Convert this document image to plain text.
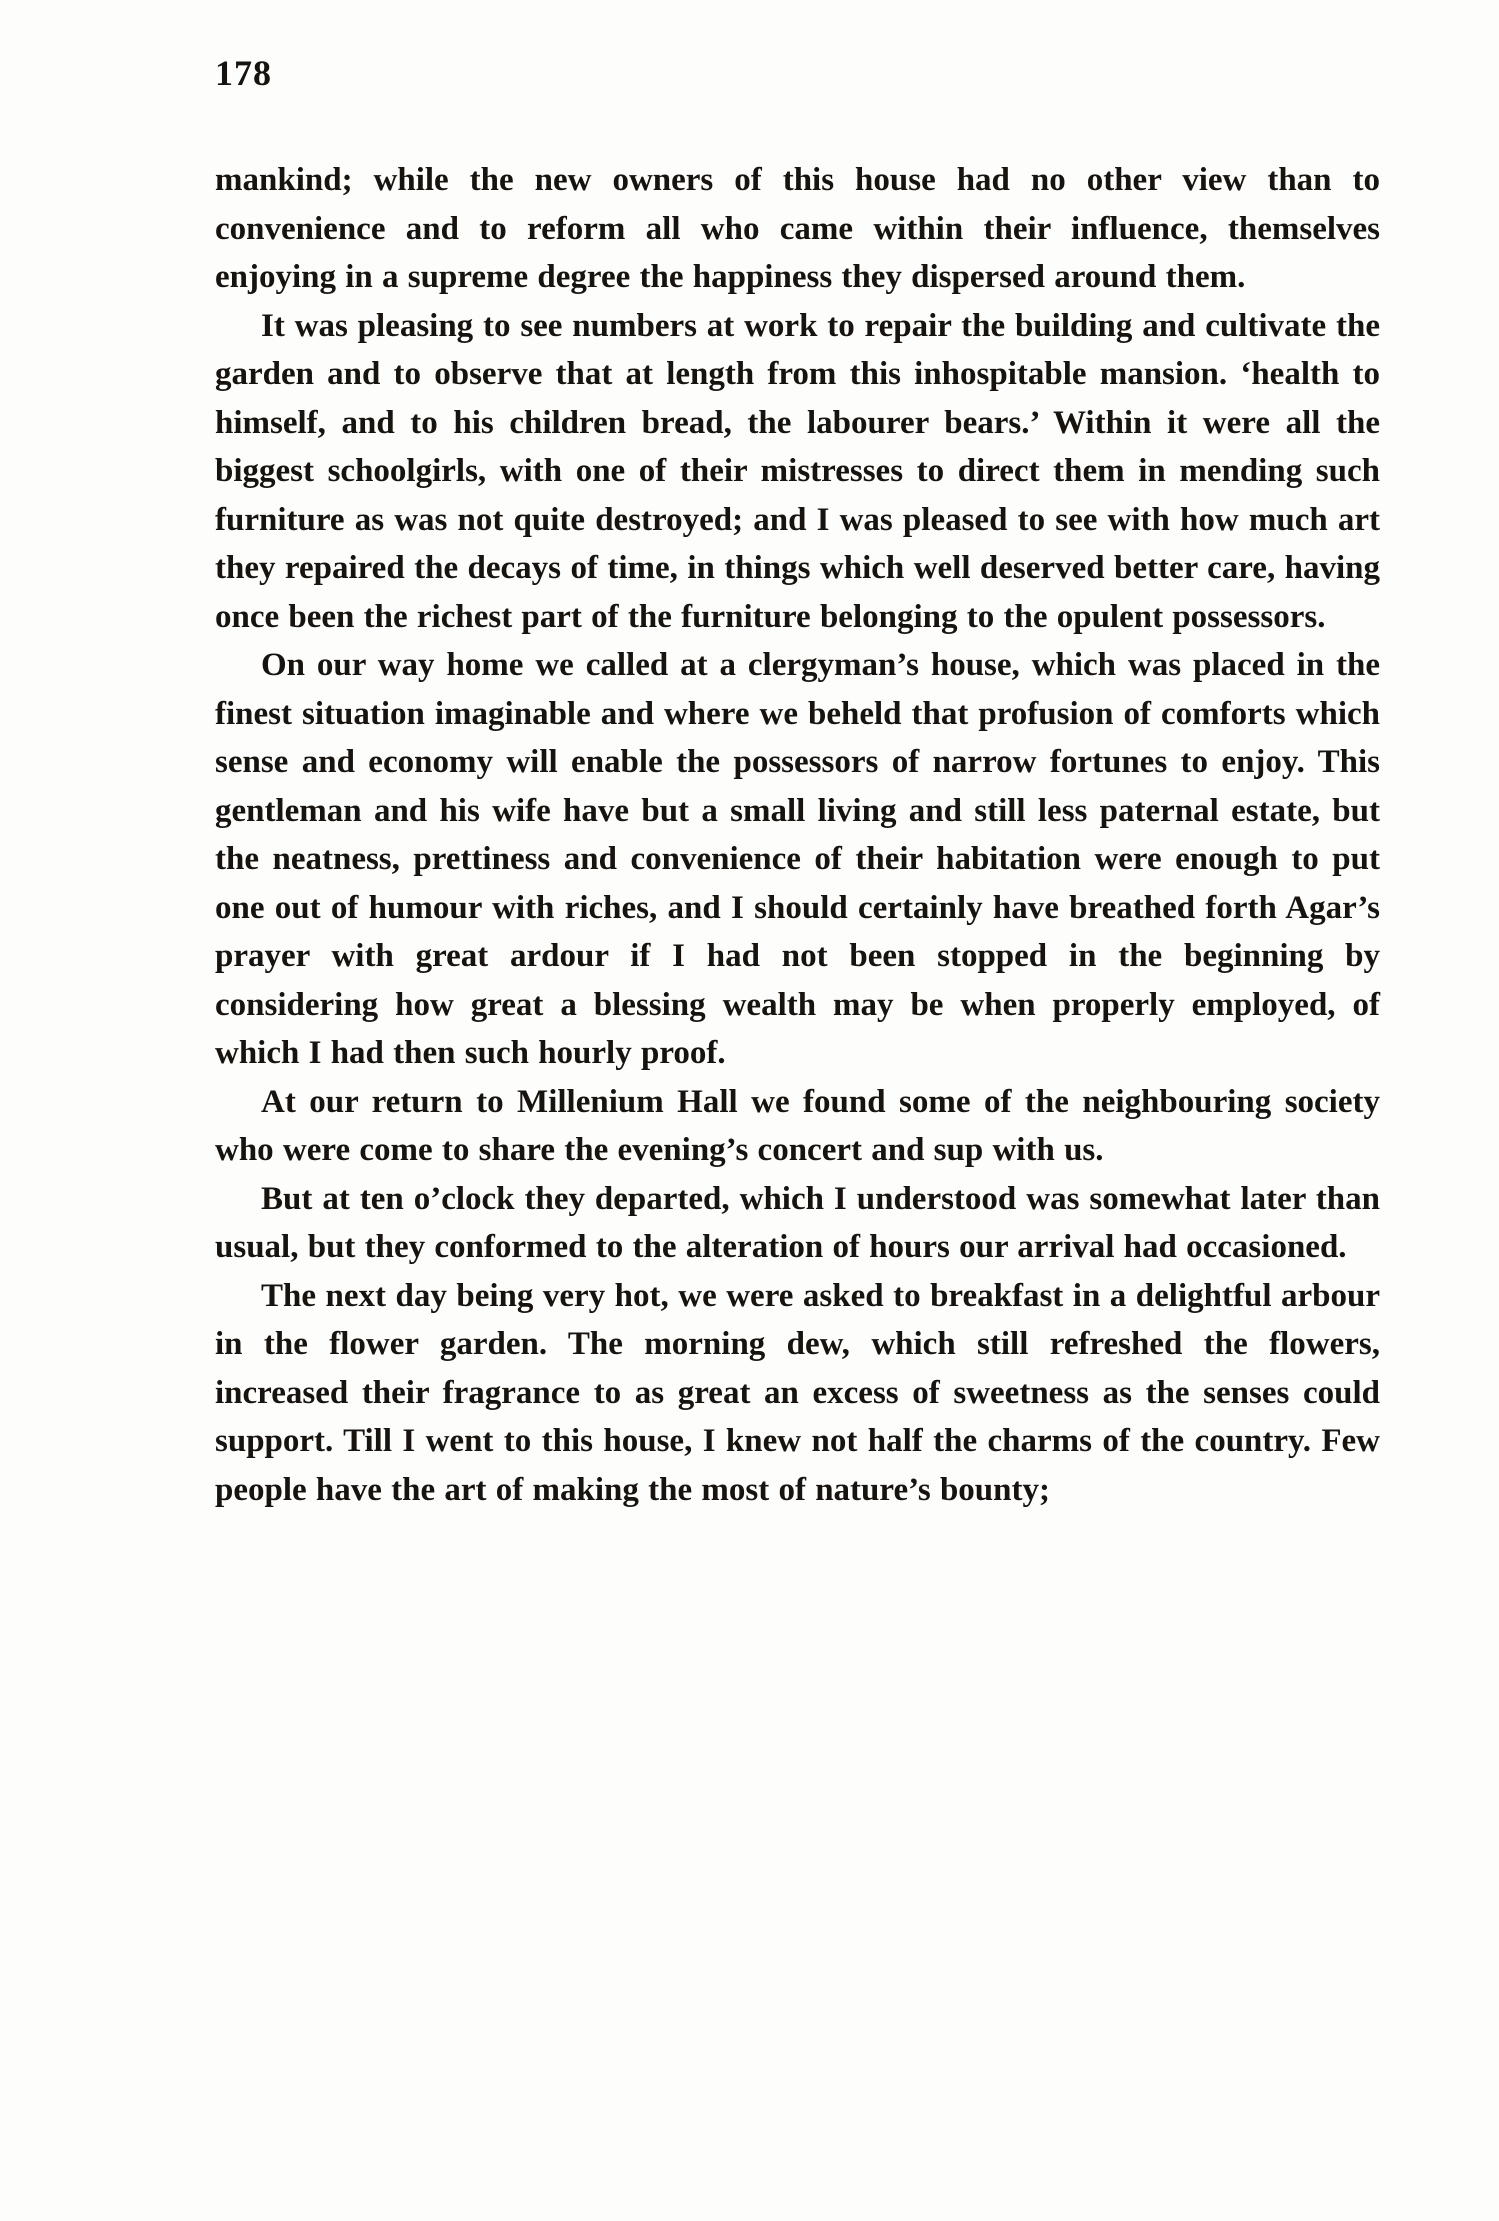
178

mankind; while the new owners of this house had no other view than to convenience and to reform all who came within their influence, themselves enjoying in a supreme degree the happiness they dispersed around them.

It was pleasing to see numbers at work to repair the building and cultivate the garden and to observe that at length from this inhospitable mansion. ‘health to himself, and to his children bread, the labourer bears.’ Within it were all the biggest schoolgirls, with one of their mistresses to direct them in mending such furniture as was not quite destroyed; and I was pleased to see with how much art they repaired the decays of time, in things which well deserved better care, having once been the richest part of the furniture belonging to the opulent possessors.

On our way home we called at a clergyman’s house, which was placed in the finest situation imaginable and where we beheld that profusion of comforts which sense and economy will enable the possessors of narrow fortunes to enjoy. This gentleman and his wife have but a small living and still less paternal estate, but the neatness, prettiness and convenience of their habitation were enough to put one out of humour with riches, and I should certainly have breathed forth Agar’s prayer with great ardour if I had not been stopped in the beginning by considering how great a blessing wealth may be when properly employed, of which I had then such hourly proof.

At our return to Millenium Hall we found some of the neighbouring society who were come to share the evening’s concert and sup with us.

But at ten o’clock they departed, which I understood was somewhat later than usual, but they conformed to the alteration of hours our arrival had occasioned.

The next day being very hot, we were asked to breakfast in a delightful arbour in the flower garden. The morning dew, which still refreshed the flowers, increased their fragrance to as great an excess of sweetness as the senses could support. Till I went to this house, I knew not half the charms of the country. Few people have the art of making the most of nature’s bounty;
